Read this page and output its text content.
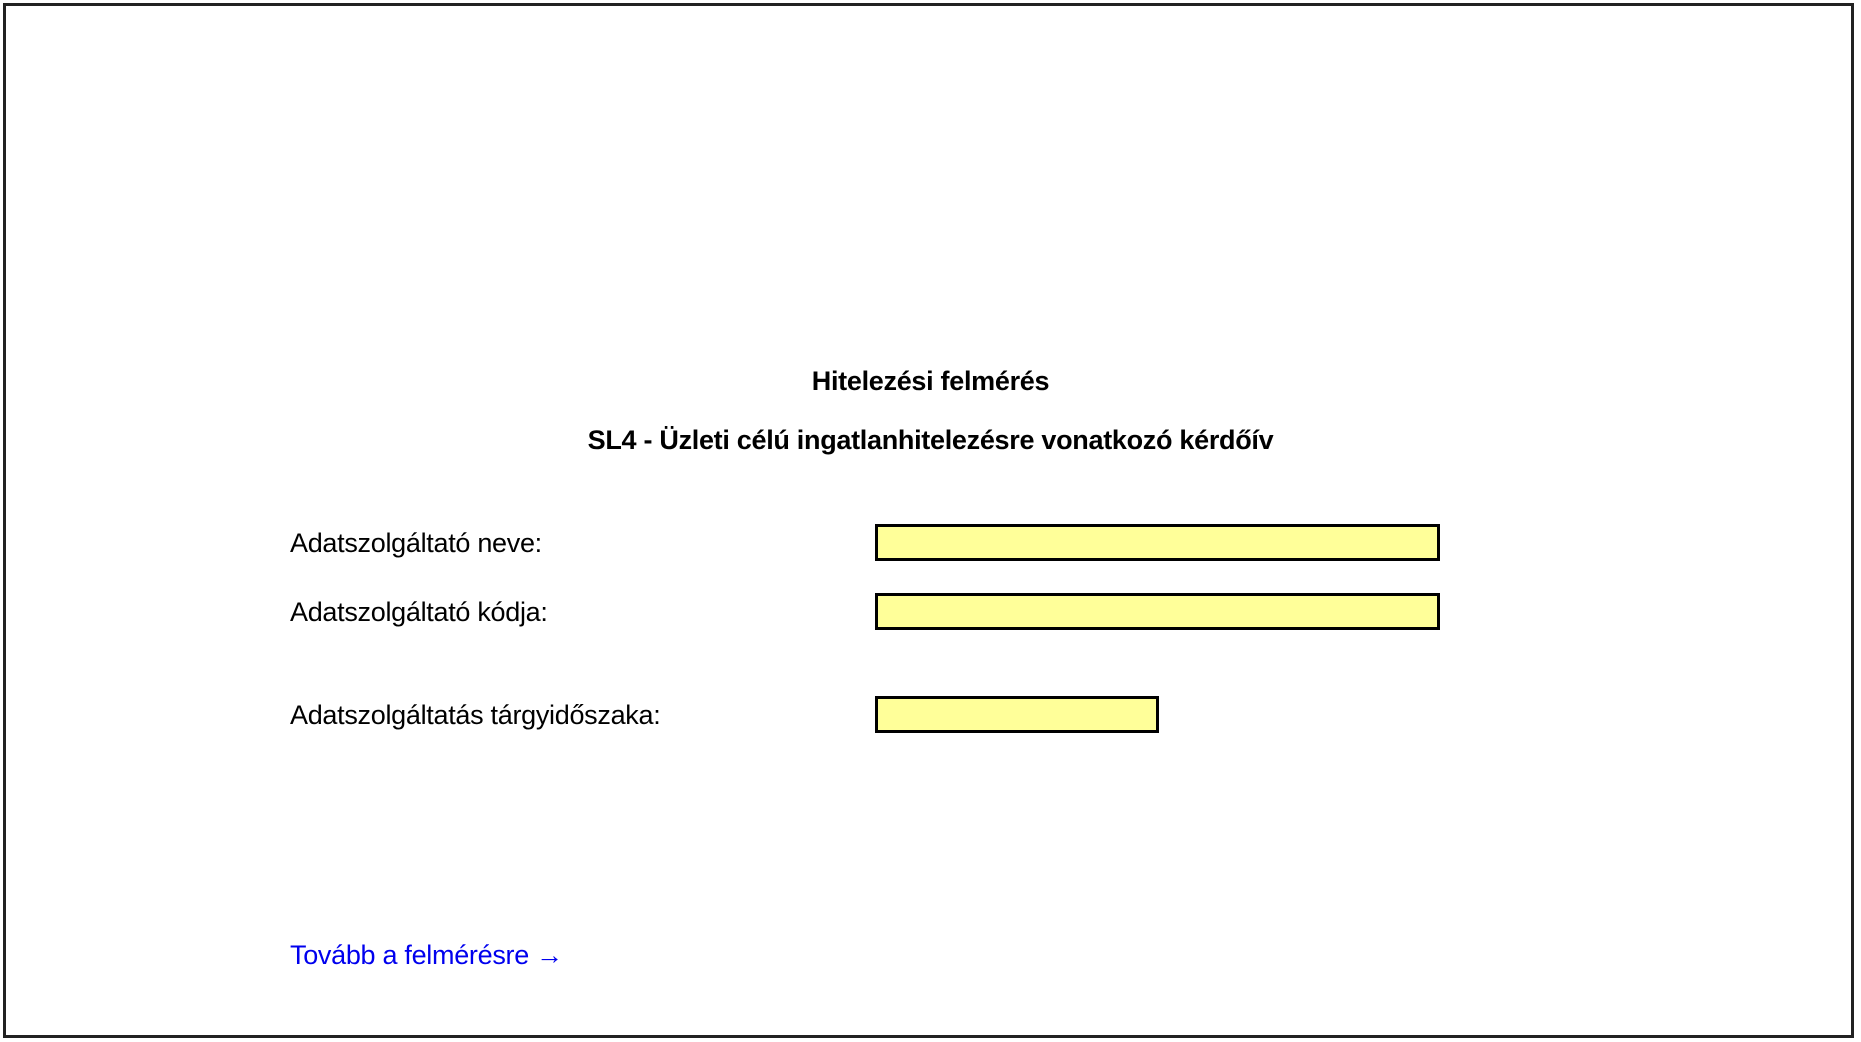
Hitelezési felmérés
SL4 - Üzleti célú ingatlanhitelezésre vonatkozó kérdőív
Adatszolgáltató neve:
Adatszolgáltató kódja:
Adatszolgáltatás tárgyidőszaka:
Tovább a felmérésre →
